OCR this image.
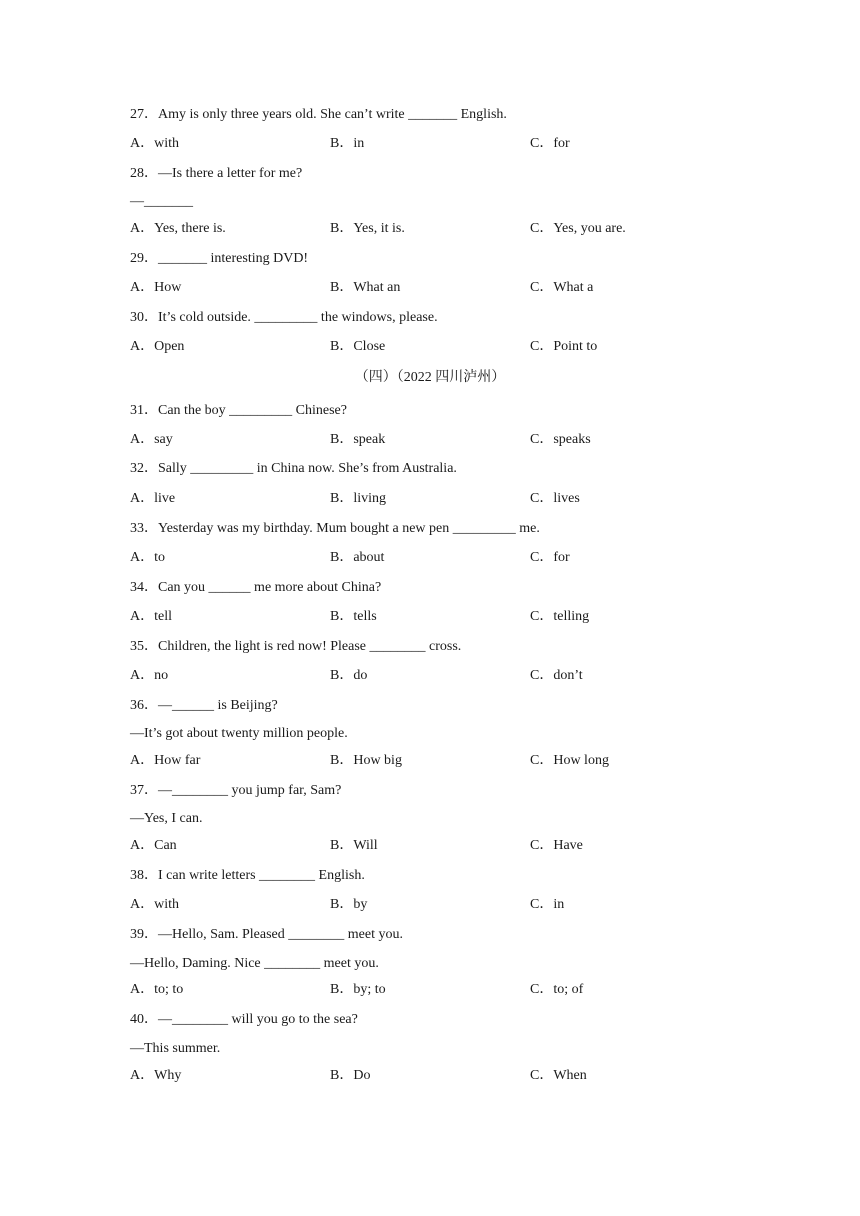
27．Amy is only three years old. She can’t write _______ English.
A．with	B．in	C．for
28．—Is there a letter for me?
—_______
A．Yes, there is.	B．Yes, it is.	C．Yes, you are.
29．_______ interesting DVD!
A．How	B．What an	C．What a
30．It’s cold outside. _________ the windows, please.
A．Open	B．Close	C．Point to
（四）（2022 四川泸州）
31．Can the boy _________ Chinese?
A．say	B．speak	C．speaks
32．Sally _________ in China now. She’s from Australia.
A．live	B．living	C．lives
33．Yesterday was my birthday. Mum bought a new pen _________ me.
A．to	B．about	C．for
34．Can you ______ me more about China?
A．tell	B．tells	C．telling
35．Children, the light is red now! Please ________ cross.
A．no	B．do	C．don’t
36．—______ is Beijing?
—It’s got about twenty million people.
A．How far	B．How big	C．How long
37．—________ you jump far, Sam?
—Yes, I can.
A．Can	B．Will	C．Have
38．I can write letters ________ English.
A．with	B．by	C．in
39．—Hello, Sam. Pleased ________ meet you.
—Hello, Daming. Nice ________ meet you.
A．to; to	B．by; to	C．to; of
40．—________ will you go to the sea?
—This summer.
A．Why	B．Do	C．When
